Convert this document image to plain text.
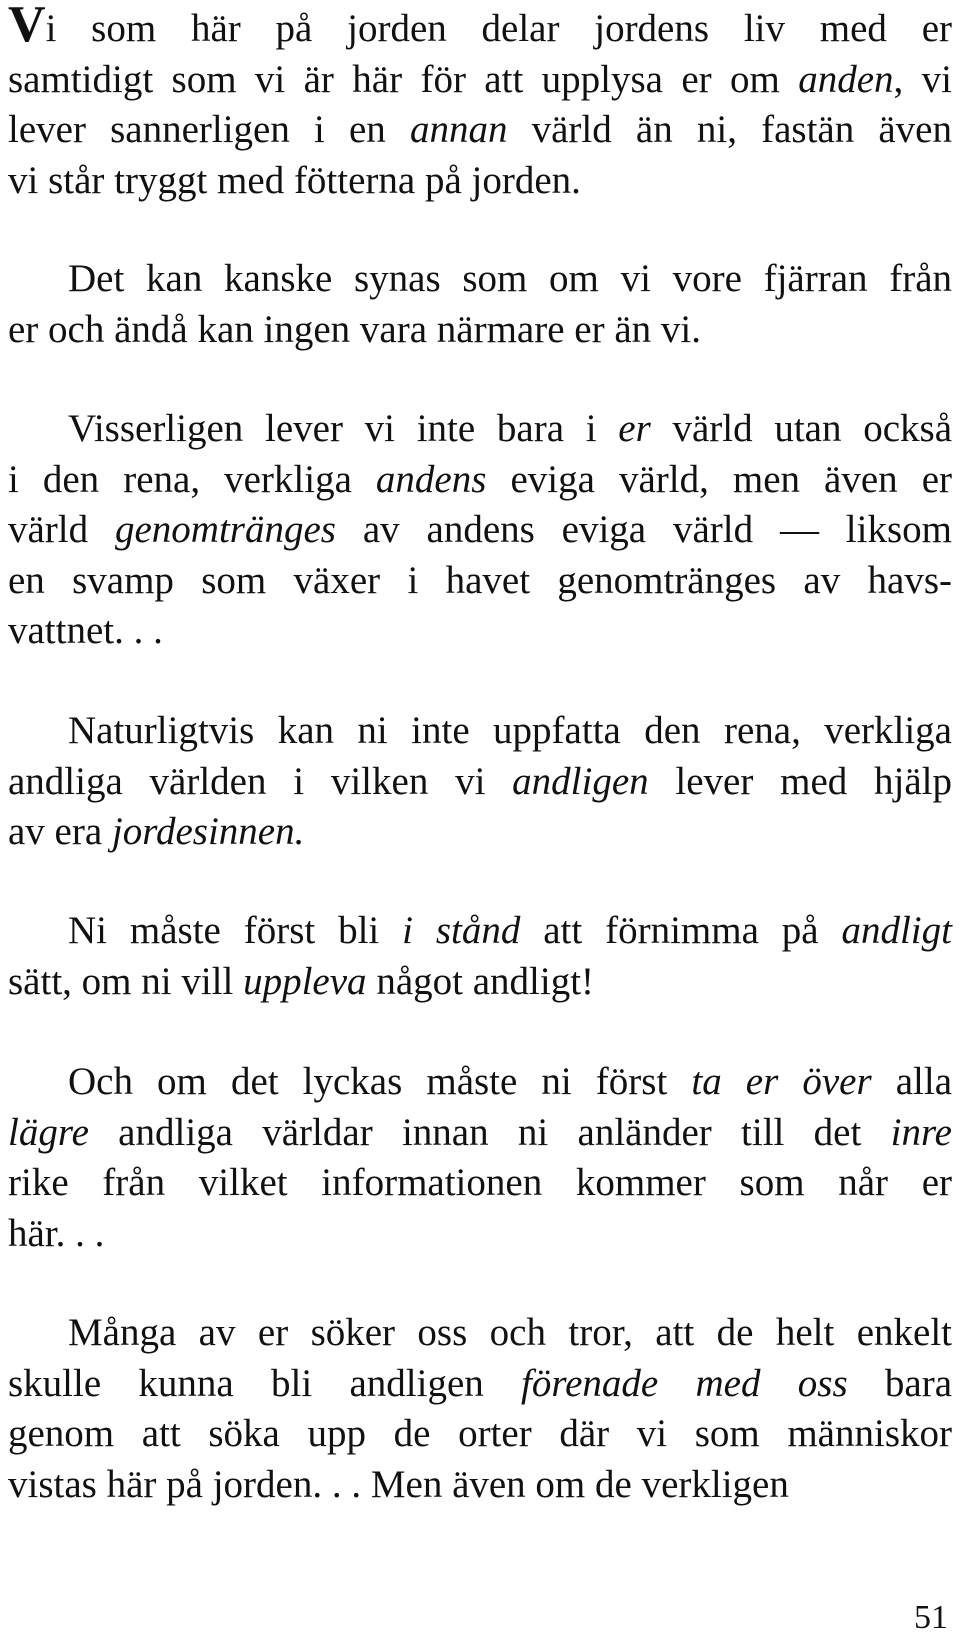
Vi som här på jorden delar jordens liv med er
samtidigt som vi är här för att upplysa er om anden, vi
lever sannerligen i en annan värld än ni, fastän även
vi står tryggt med fötterna på jorden.
Det kan kanske synas som om vi vore fjärran från
er och ändå kan ingen vara närmare er än vi.
Visserligen lever vi inte bara i er värld utan också
i den rena, verkliga andens eviga värld, men även er
värld genomtränges av andens eviga värld — liksom
en svamp som växer i havet genomtränges av havs-
vattnet. . .
Naturligtvis kan ni inte uppfatta den rena, verkliga
andliga världen i vilken vi andligen lever med hjälp
av era jordesinnen.
Ni måste först bli i stånd att förnimma på andligt
sätt, om ni vill uppleva något andligt!
Och om det lyckas måste ni först ta er över alla
lägre andliga världar innan ni anländer till det inre
rike från vilket informationen kommer som når er
här. . .
Många av er söker oss och tror, att de helt enkelt
skulle kunna bli andligen förenade med oss bara
genom att söka upp de orter där vi som människor
vistas här på jorden. . . Men även om de verkligen
51
